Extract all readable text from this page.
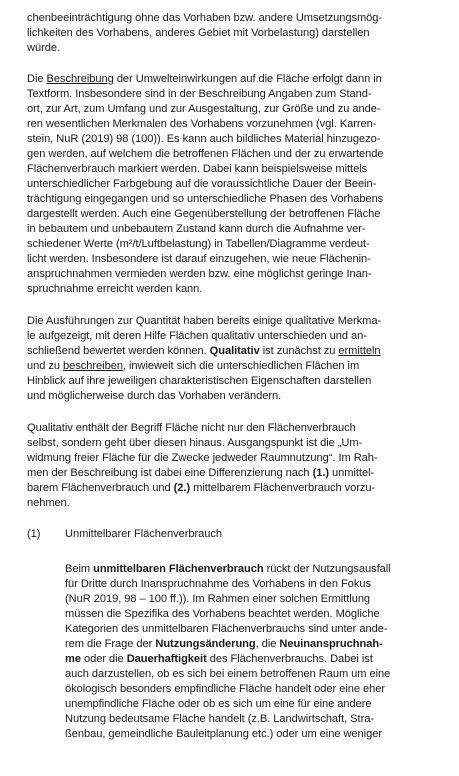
chenbeeinträchtigung ohne das Vorhaben bzw. andere Umsetzungsmög-
lichkeiten des Vorhabens, anderes Gebiet mit Vorbelastung) darstellen
würde.
Die Beschreibung der Umwelteinwirkungen auf die Fläche erfolgt dann in
Textform. Insbesondere sind in der Beschreibung Angaben zum Stand-
ort, zur Art, zum Umfang und zur Ausgestaltung, zur Größe und zu ande-
ren wesentlichen Merkmalen des Vorhabens vorzunehmen (vgl. Karren-
stein, NuR (2019) 98 (100)). Es kann auch bildliches Material hinzugezo-
gen werden, auf welchem die betroffenen Flächen und der zu erwartende
Flächenverbrauch markiert werden. Dabei kann beispielsweise mittels
unterschiedlicher Farbgebung auf die voraussichtliche Dauer der Beein-
trächtigung eingegangen und so unterschiedliche Phasen des Vorhabens
dargestellt werden. Auch eine Gegenüberstellung der betroffenen Fläche
in bebautem und unbebautem Zustand kann durch die Aufnahme ver-
schiedener Werte (m²/t/Luftbelastung) in Tabellen/Diagramme verdeut-
licht werden. Insbesondere ist darauf einzugehen, wie neue Flächenin-
anspruchnahmen vermieden werden bzw. eine möglichst geringe Inan-
spruchnahme erreicht werden kann.
Die Ausführungen zur Quantität haben bereits einige qualitative Merkma-
le aufgezeigt, mit deren Hilfe Flächen qualitativ unterschieden und an-
schließend bewertet werden können. Qualitativ ist zunächst zu ermitteln
und zu beschreiben, inwieweit sich die unterschiedlichen Flächen im
Hinblick auf ihre jeweiligen charakteristischen Eigenschaften darstellen
und möglicherweise durch das Vorhaben verändern.
Qualitativ enthält der Begriff Fläche nicht nur den Flächenverbrauch
selbst, sondern geht über diesen hinaus. Ausgangspunkt ist die „Um-
widmung freier Fläche für die Zwecke jedweder Raumnutzung“. Im Rah-
men der Beschreibung ist dabei eine Differenzierung nach (1.) unmittel-
barem Flächenverbrauch und (2.) mittelbarem Flächenverbrauch vorzu-
nehmen.
(1) Unmittelbarer Flächenverbrauch
Beim unmittelbaren Flächenverbrauch rückt der Nutzungsausfall
für Dritte durch Inanspruchnahme des Vorhabens in den Fokus
(NuR 2019, 98 – 100 ff.)). Im Rahmen einer solchen Ermittlung
müssen die Spezifika des Vorhabens beachtet werden. Mögliche
Kategorien des unmittelbaren Flächenverbrauchs sind unter ande-
rem die Frage der Nutzungsänderung, die Neuinanspruchnah-
me oder die Dauerhaftigkeit des Flächenverbrauchs. Dabei ist
auch darzustellen, ob es sich bei einem betroffenen Raum um eine
ökologisch besonders empfindliche Fläche handelt oder eine eher
unempfindliche Fläche oder ob es sich um eine für eine andere
Nutzung bedeutsame Fläche handelt (z.B. Landwirtschaft, Stra-
ßenbau, gemeindliche Bauleitplanung etc.) oder um eine weniger
